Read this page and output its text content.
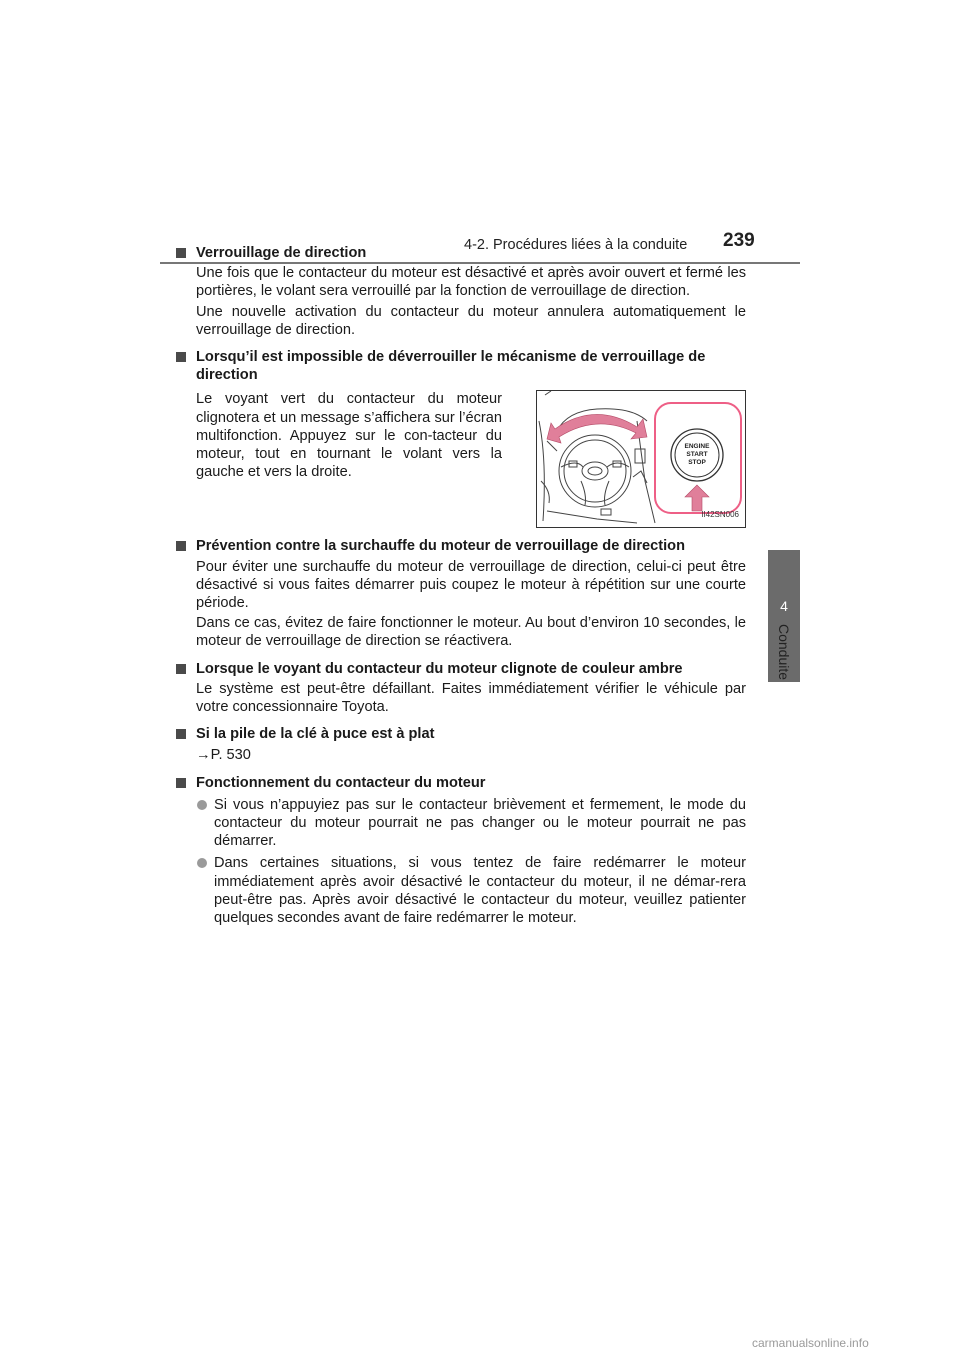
4-2. Procédures liées à la conduite 239
4
Conduite
Verrouillage de direction
Une fois que le contacteur du moteur est désactivé et après avoir ouvert et fermé les portières, le volant sera verrouillé par la fonction de verrouillage de direction.
Une nouvelle activation du contacteur du moteur annulera automatiquement le verrouillage de direction.
Lorsqu’il est impossible de déverrouiller le mécanisme de verrouillage de direction
Le voyant vert du contacteur du moteur clignotera et un message s’affichera sur l’écran multifonction. Appuyez sur le con-tacteur du moteur, tout en tournant le volant vers la gauche et vers la droite.
ENGINE
START
STOP
II42SN006
Prévention contre la surchauffe du moteur de verrouillage de direction
Pour éviter une surchauffe du moteur de verrouillage de direction, celui-ci peut être désactivé si vous faites démarrer puis coupez le moteur à répétition sur une courte période.
Dans ce cas, évitez de faire fonctionner le moteur. Au bout d’environ 10 secondes, le moteur de verrouillage de direction se réactivera.
Lorsque le voyant du contacteur du moteur clignote de couleur ambre
Le système est peut-être défaillant. Faites immédiatement vérifier le véhicule par votre concessionnaire Toyota.
Si la pile de la clé à puce est à plat
→P. 530
Fonctionnement du contacteur du moteur
Si vous n’appuyiez pas sur le contacteur brièvement et fermement, le mode du contacteur du moteur pourrait ne pas changer ou le moteur pourrait ne pas démarrer.
Dans certaines situations, si vous tentez de faire redémarrer le moteur immédiatement après avoir désactivé le contacteur du moteur, il ne démar-rera peut-être pas. Après avoir désactivé le contacteur du moteur, veuillez patienter quelques secondes avant de faire redémarrer le moteur.
carmanualsonline.info
